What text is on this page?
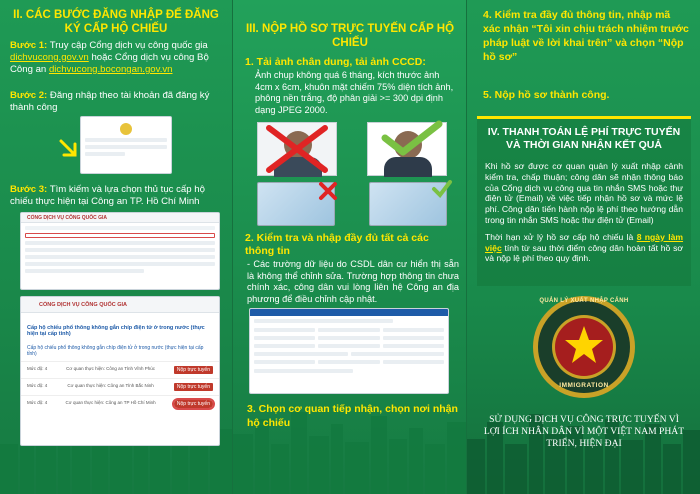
II. CÁC BƯỚC ĐĂNG NHẬP ĐỂ ĐĂNG KÝ CẤP HỘ CHIẾU
Bước 1: Truy cập Cổng dịch vụ công quốc gia dichvucong.gov.vn hoặc Cổng dịch vụ công Bộ Công an dichvucong.bocongan.gov.vn
Bước 2: Đăng nhập theo tài khoản đã đăng ký thành công
Bước 3: Tìm kiếm và lựa chọn thủ tục cấp hộ chiếu thực hiện tại Công an TP. Hồ Chí Minh
CỔNG DỊCH VỤ CÔNG QUỐC GIA
CỔNG DỊCH VỤ CÔNG QUỐC GIA
Cấp hộ chiếu phổ thông không gắn chíp điện tử ở trong nước (thực hiện tại cấp tỉnh)
Cấp hộ chiếu phổ thông không gắn chíp điện tử ở trong nước (thực hiện tại cấp tỉnh)
Mức độ: 4	Cơ quan thực hiện: Công an Tỉnh Vĩnh Phúc	Nộp trực tuyến
Mức độ: 4	Cơ quan thực hiện: Công an Tỉnh Bắc Ninh	Nộp trực tuyến
Mức độ: 4	Cơ quan thực hiện: Công an TP Hồ Chí Minh	Nộp trực tuyến
III. NỘP HỒ SƠ TRỰC TUYẾN CẤP HỘ CHIẾU
1. Tải ảnh chân dung, tải ảnh CCCD:
Ảnh chụp không quá 6 tháng, kích thước ảnh 4cm x 6cm, khuôn mặt chiếm 75% diện tích ảnh, phông nền trắng, độ phân giải >= 300 dpi định dạng JPEG 2000.
2. Kiểm tra và nhập đầy đủ tất cả các thông tin
- Các trường dữ liệu do CSDL dân cư hiển thị sẵn là không thể chỉnh sửa. Trường hợp thông tin chưa chính xác, công dân vui lòng liên hệ Công an địa phương để điều chỉnh cập nhật.
3. Chọn cơ quan tiếp nhận, chọn nơi nhận hộ chiếu
4. Kiểm tra đầy đủ thông tin, nhập mã xác nhận “Tôi xin chịu trách nhiệm trước pháp luật về lời khai trên” và chọn “Nộp hồ sơ”
5. Nộp hồ sơ thành công.
IV. THANH TOÁN LỆ PHÍ TRỰC TUYẾN VÀ THỜI GIAN NHẬN KẾT QUẢ
Khi hồ sơ được cơ quan quản lý xuất nhập cảnh kiểm tra, chấp thuận; công dân sẽ nhận thông báo của Cổng dịch vụ công qua tin nhắn SMS hoặc thư điện tử (Email) về việc tiếp nhận hồ sơ và mức lệ phí. Công dân tiến hành nộp lệ phí theo hướng dẫn trong tin nhắn SMS hoặc thư điện tử (Email)
Thời hạn xử lý hồ sơ cấp hộ chiếu là 8 ngày làm việc tính từ sau thời điểm công dân hoàn tất hồ sơ và nộp lệ phí theo quy định.
QUẢN LÝ XUẤT NHẬP CẢNH
IMMIGRATION
SỬ DỤNG DỊCH VỤ CÔNG TRỰC TUYẾN VÌ LỢI ÍCH NHÂN DÂN VÌ MỘT VIỆT NAM PHÁT TRIỂN, HIỆN ĐẠI
